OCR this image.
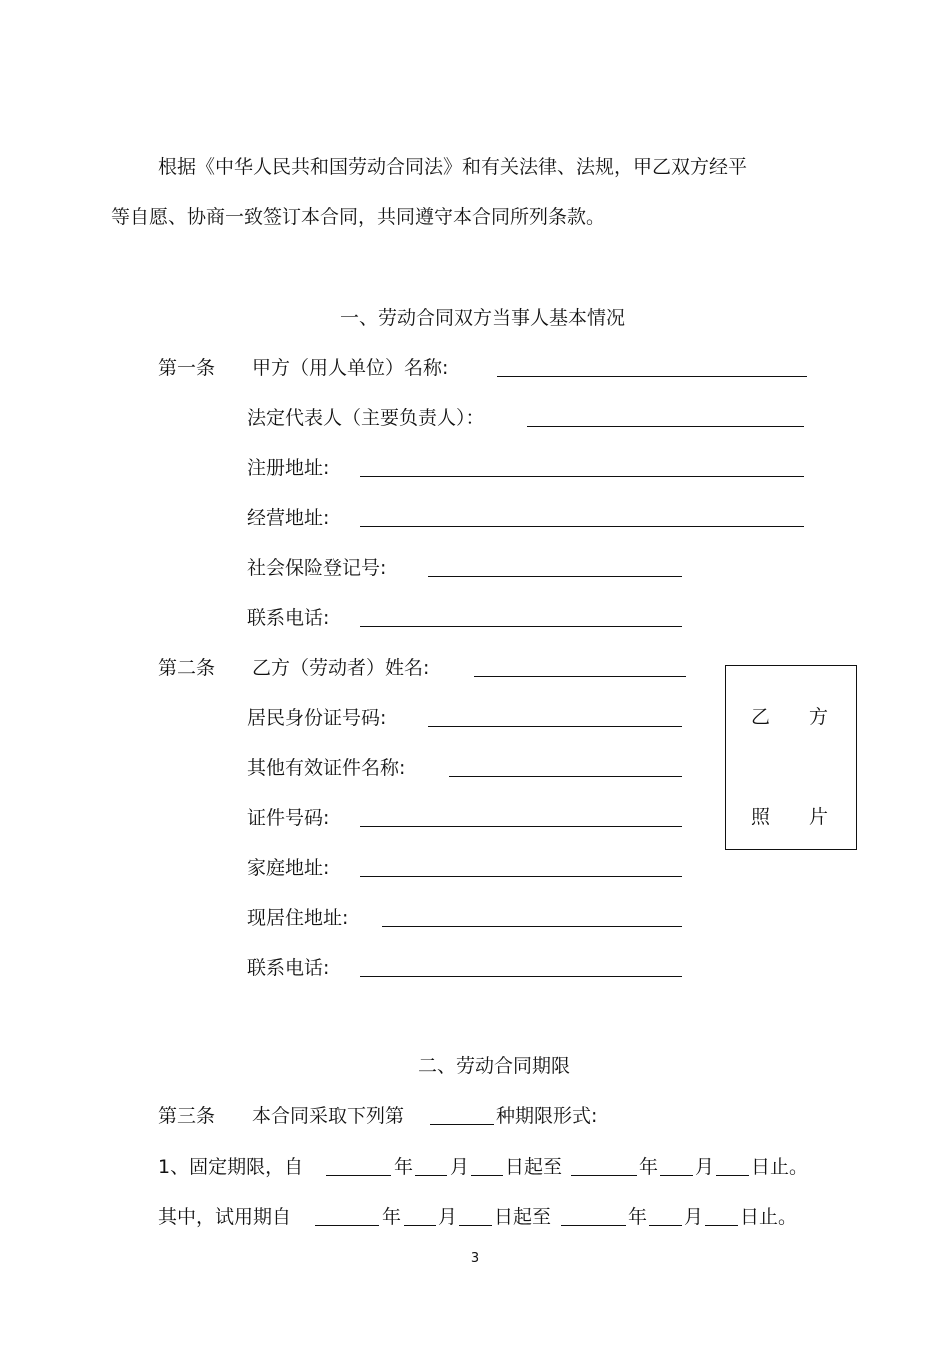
根据《中华人民共和国劳动合同法》和有关法律、法规，甲乙双方经平
等自愿、协商一致签订本合同，共同遵守本合同所列条款。
一、劳动合同双方当事人基本情况
第一条 甲方（用人单位）名称:
法定代表人（主要负责人）：
注册地址:
经营地址:
社会保险登记号:
联系电话:
第二条 乙方（劳动者）姓名:
居民身份证号码:
其他有效证件名称:
证件号码:
家庭地址:
现居住地址:
联系电话:
乙 方
照 片
二、劳动合同期限
第三条 本合同采取下列第	种期限形式:
1、固定期限，自	年 月 日起至	年 月 日止。
其中，试用期自	年 月 日起至	年 月 日止。
3
